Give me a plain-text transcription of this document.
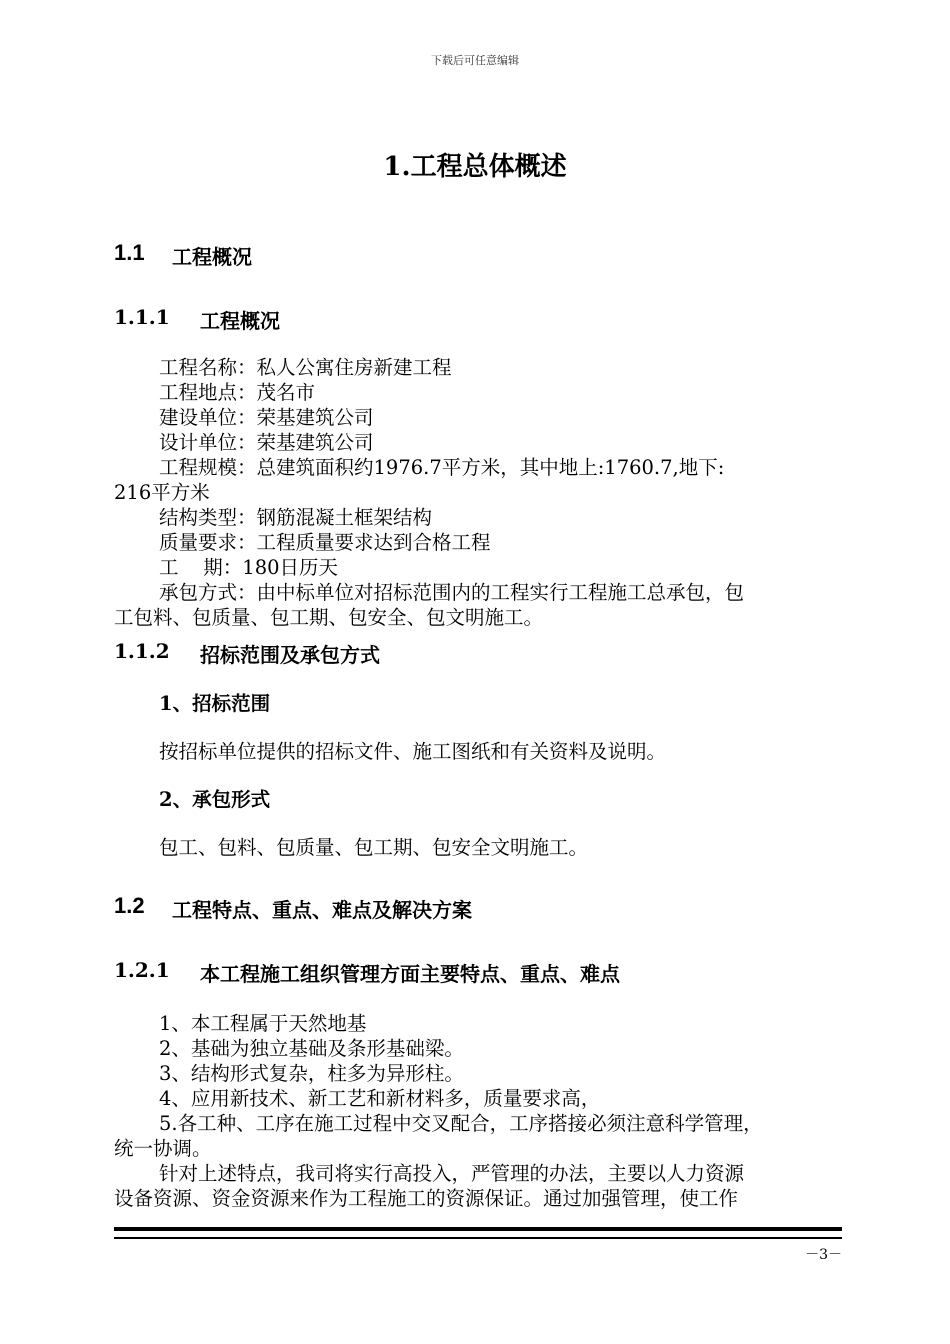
下载后可任意编辑
1.工程总体概述
1.1 工程概况
1.1.1 工程概况
工程名称：私人公寓住房新建工程
工程地点：茂名市
建设单位：荣基建筑公司
设计单位：荣基建筑公司
工程规模：总建筑面积约1976.7平方米，其中地上:1760.7,地下:
216平方米
结构类型：钢筋混凝土框架结构
质量要求：工程质量要求达到合格工程
工    期：180日历天
承包方式：由中标单位对招标范围内的工程实行工程施工总承包，包
工包料、包质量、包工期、包安全、包文明施工。
1.1.2 招标范围及承包方式
1、招标范围
按招标单位提供的招标文件、施工图纸和有关资料及说明。
2、承包形式
包工、包料、包质量、包工期、包安全文明施工。
1.2 工程特点、重点、难点及解决方案
1.2.1 本工程施工组织管理方面主要特点、重点、难点
1、本工程属于天然地基
2、基础为独立基础及条形基础梁。
3、结构形式复杂，柱多为异形柱。
4、应用新技术、新工艺和新材料多，质量要求高，
5.各工种、工序在施工过程中交叉配合，工序搭接必须注意科学管理，
统一协调。
针对上述特点，我司将实行高投入，严管理的办法，主要以人力资源
设备资源、资金资源来作为工程施工的资源保证。通过加强管理，使工作
－3－
